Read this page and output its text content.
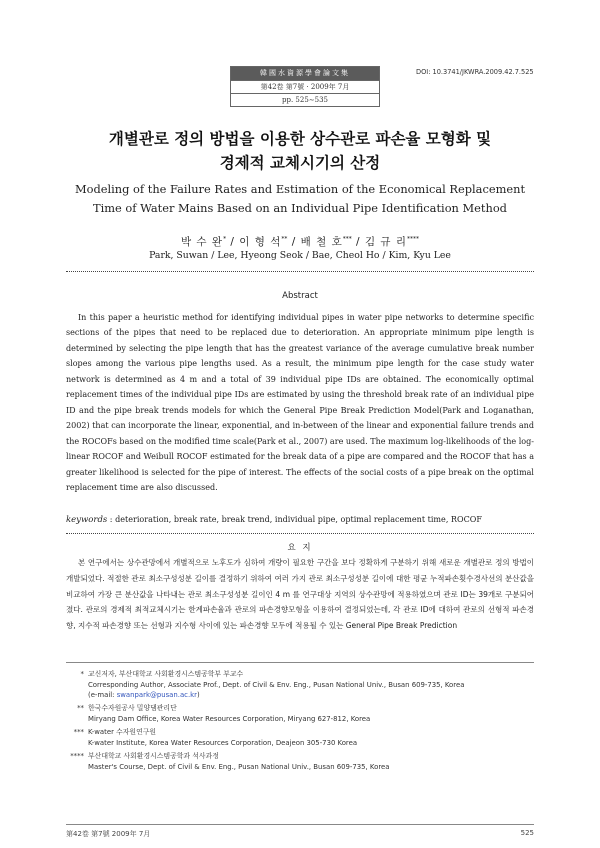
韓國水資源學會論文集
第42卷 第7號 · 2009年 7月
pp. 525∼535
DOI: 10.3741/JKWRA.2009.42.7.525
개별관로 정의 방법을 이용한 상수관로 파손율 모형화 및
경제적 교체시기의 산정
Modeling of the Failure Rates and Estimation of the Economical Replacement
Time of Water Mains Based on an Individual Pipe Identification Method
박 수 완* / 이 형 석** / 배 철 호*** / 김 규 리****
Park, Suwan / Lee, Hyeong Seok / Bae, Cheol Ho / Kim, Kyu Lee
Abstract
In this paper a heuristic method for identifying individual pipes in water pipe networks to determine specific sections of the pipes that need to be replaced due to deterioration. An appropriate minimum pipe length is determined by selecting the pipe length that has the greatest variance of the average cumulative break number slopes among the various pipe lengths used. As a result, the minimum pipe length for the case study water network is determined as 4 m and a total of 39 individual pipe IDs are obtained. The economically optimal replacement times of the individual pipe IDs are estimated by using the threshold break rate of an individual pipe ID and the pipe break trends models for which the General Pipe Break Prediction Model(Park and Loganathan, 2002) that can incorporate the linear, exponential, and in-between of the linear and exponential failure trends and the ROCOFs based on the modified time scale(Park et al., 2007) are used. The maximum log-likelihoods of the log-linear ROCOF and Weibull ROCOF estimated for the break data of a pipe are compared and the ROCOF that has a greater likelihood is selected for the pipe of interest. The effects of the social costs of a pipe break on the optimal replacement time are also discussed.
keywords : deterioration, break rate, break trend, individual pipe, optimal replacement time, ROCOF
요 지
본 연구에서는 상수관망에서 개별적으로 노후도가 심하여 개량이 필요한 구간을 보다 정확하게 구분하기 위해 새로운 개별관로 정의 방법이 개발되었다. 적절한 관로 최소구성성분 길이를 결정하기 위하여 여러 가지 관로 최소구성성분 길이에 대한 평균 누적파손횟수경사선의 분산값을 비교하여 가장 큰 분산값을 나타내는 관로 최소구성성분 길이인 4 m 를 연구대상 지역의 상수관망에 적용하였으며 관로 ID는 39개로 구분되어졌다. 관로의 경제적 최적교체시기는 한계파손율과 관로의 파손경향모형을 이용하여 결정되었는데, 각 관로 ID에 대하여 관로의 선형적 파손경향, 지수적 파손경향 또는 선형과 지수형 사이에 있는 파손경향 모두에 적용될 수 있는 General Pipe Break Prediction
* 교신저자, 부산대학교 사회환경시스템공학부 부교수
Corresponding Author, Associate Prof., Dept. of Civil & Env. Eng., Pusan National Univ., Busan 609-735, Korea
(e-mail: swanpark@pusan.ac.kr)
** 한국수자원공사 밀양댐관리단
Miryang Dam Office, Korea Water Resources Corporation, Miryang 627-812, Korea
*** K-water 수자원연구원
K-water Institute, Korea Water Resources Corporation, Deajeon 305-730 Korea
**** 부산대학교 사회환경시스템공학과 석사과정
Master's Course, Dept. of Civil & Env. Eng., Pusan National Univ., Busan 609-735, Korea
第42卷 第7號 2009年 7月	525
